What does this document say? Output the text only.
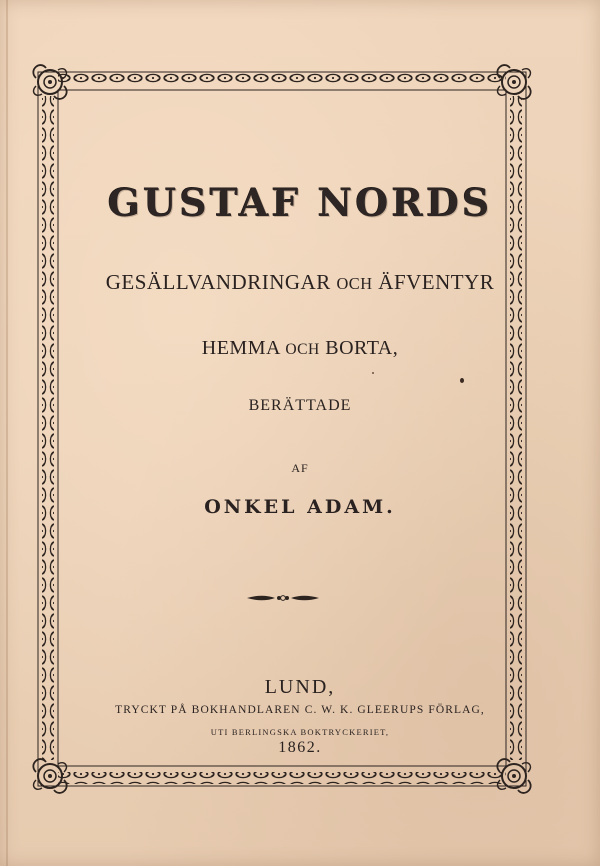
GUSTAF NORDS
GESÄLLVANDRINGAR OCH ÄFVENTYR
HEMMA OCH BORTA,
BERÄTTADE
AF
ONKEL ADAM.
LUND,
TRYCKT PÅ BOKHANDLAREN C. W. K. GLEERUPS FÖRLAG,
UTI BERLINGSKA BOKTRYCKERIET,
1862.
